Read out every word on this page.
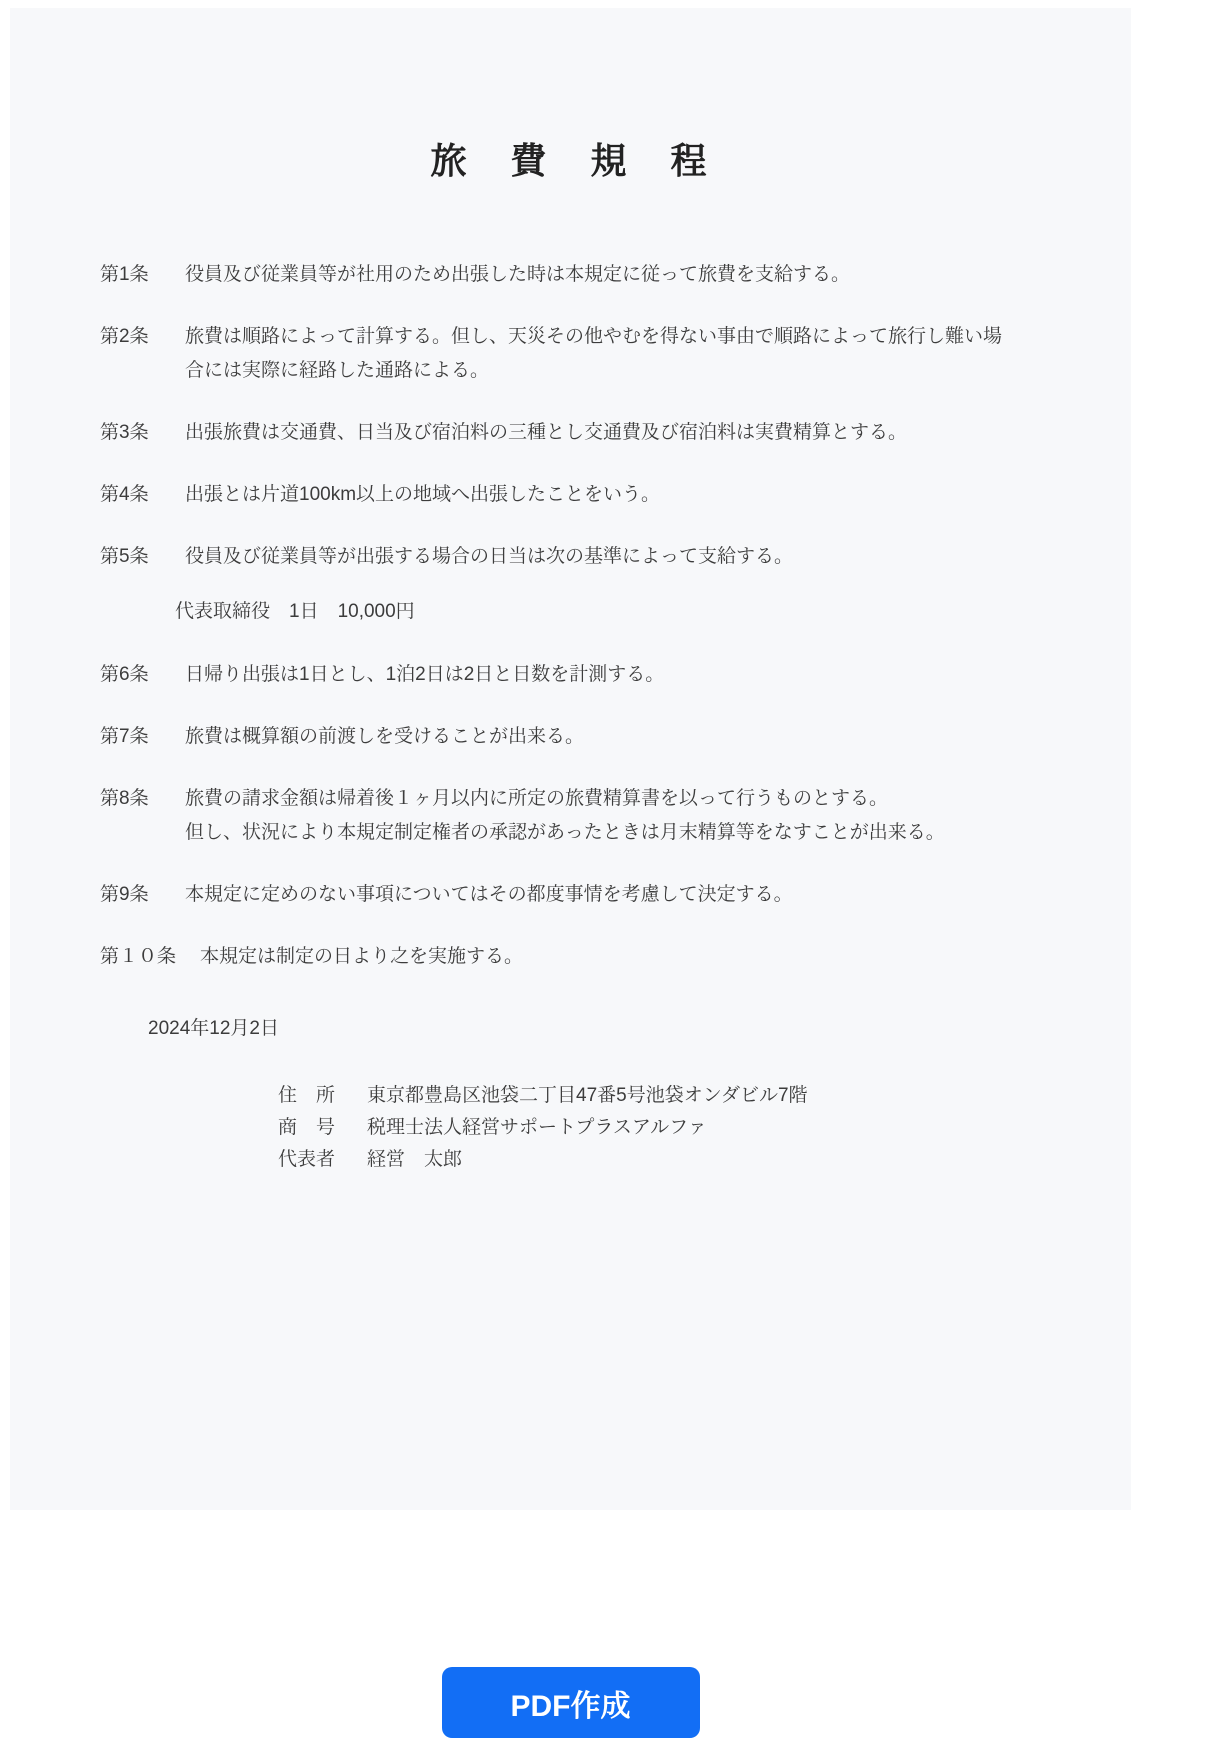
旅　費　規　程
第1条	役員及び従業員等が社用のため出張した時は本規定に従って旅費を支給する。
第2条	旅費は順路によって計算する。但し、天災その他やむを得ない事由で順路によって旅行し難い場
合には実際に経路した通路による。
第3条	出張旅費は交通費、日当及び宿泊料の三種とし交通費及び宿泊料は実費精算とする。
第4条	出張とは片道100km以上の地域へ出張したことをいう。
第5条	役員及び従業員等が出張する場合の日当は次の基準によって支給する。
代表取締役　1日　10,000円
第6条	日帰り出張は1日とし、1泊2日は2日と日数を計測する。
第7条	旅費は概算額の前渡しを受けることが出来る。
第8条	旅費の請求金額は帰着後１ヶ月以内に所定の旅費精算書を以って行うものとする。
但し、状況により本規定制定権者の承認があったときは月末精算等をなすことが出来る。
第9条	本規定に定めのない事項についてはその都度事情を考慮して決定する。
第１０条	本規定は制定の日より之を実施する。
2024年12月2日
住　所	東京都豊島区池袋二丁目47番5号池袋オンダビル7階
商　号	税理士法人経営サポートプラスアルファ
代表者	経営　太郎
PDF作成
